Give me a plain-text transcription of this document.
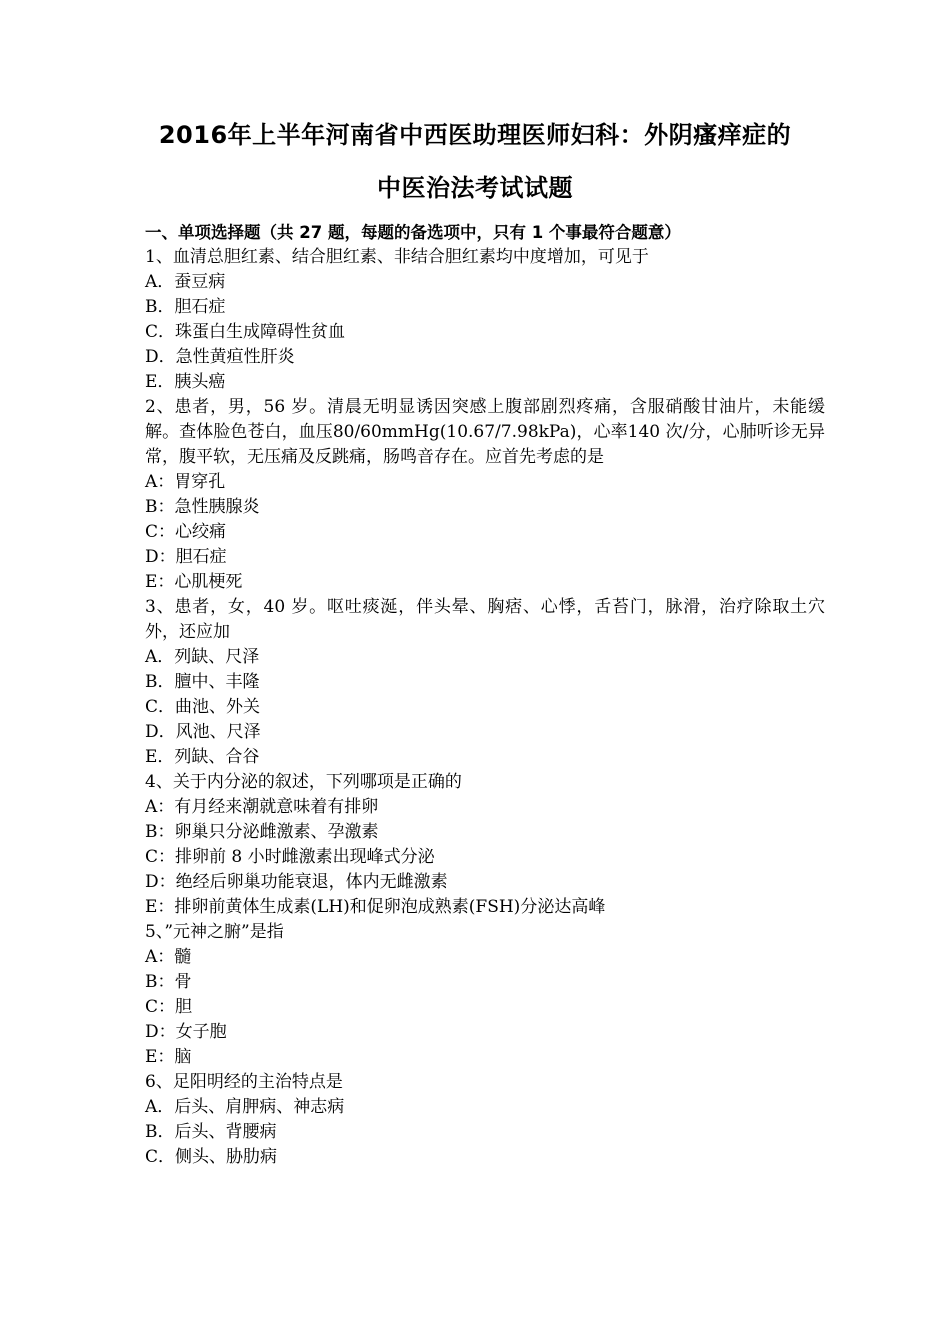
2016年上半年河南省中西医助理医师妇科：外阴瘙痒症的
中医治法考试试题
一、单项选择题（共 27 题，每题的备选项中，只有 1 个事最符合题意）
1、血清总胆红素、结合胆红素、非结合胆红素均中度增加，可见于
A．蚕豆病
B．胆石症
C．珠蛋白生成障碍性贫血
D．急性黄疸性肝炎
E．胰头癌
2、患者，男，56 岁。清晨无明显诱因突感上腹部剧烈疼痛，含服硝酸甘油片，未能缓解。查体脸色苍白，血压80/60mmHg(10.67/7.98kPa)，心率140 次/分，心肺听诊无异常，腹平软，无压痛及反跳痛，肠鸣音存在。应首先考虑的是
A：胃穿孔
B：急性胰腺炎
C：心绞痛
D：胆石症
E：心肌梗死
3、患者，女，40 岁。呕吐痰涎，伴头晕、胸痞、心悸，舌苔门，脉滑，治疗除取土穴外，还应加
A．列缺、尺泽
B．膻中、丰隆
C．曲池、外关
D．风池、尺泽
E．列缺、合谷
4、关于内分泌的叙述，下列哪项是正确的
A：有月经来潮就意味着有排卵
B：卵巢只分泌雌激素、孕激素
C：排卵前 8 小时雌激素出现峰式分泌
D：绝经后卵巢功能衰退，体内无雌激素
E：排卵前黄体生成素(LH)和促卵泡成熟素(FSH)分泌达高峰
5、”元神之腑”是指
A：髓
B：骨
C：胆
D：女子胞
E：脑
6、足阳明经的主治特点是
A．后头、肩胛病、神志病
B．后头、背腰病
C．侧头、胁肋病
